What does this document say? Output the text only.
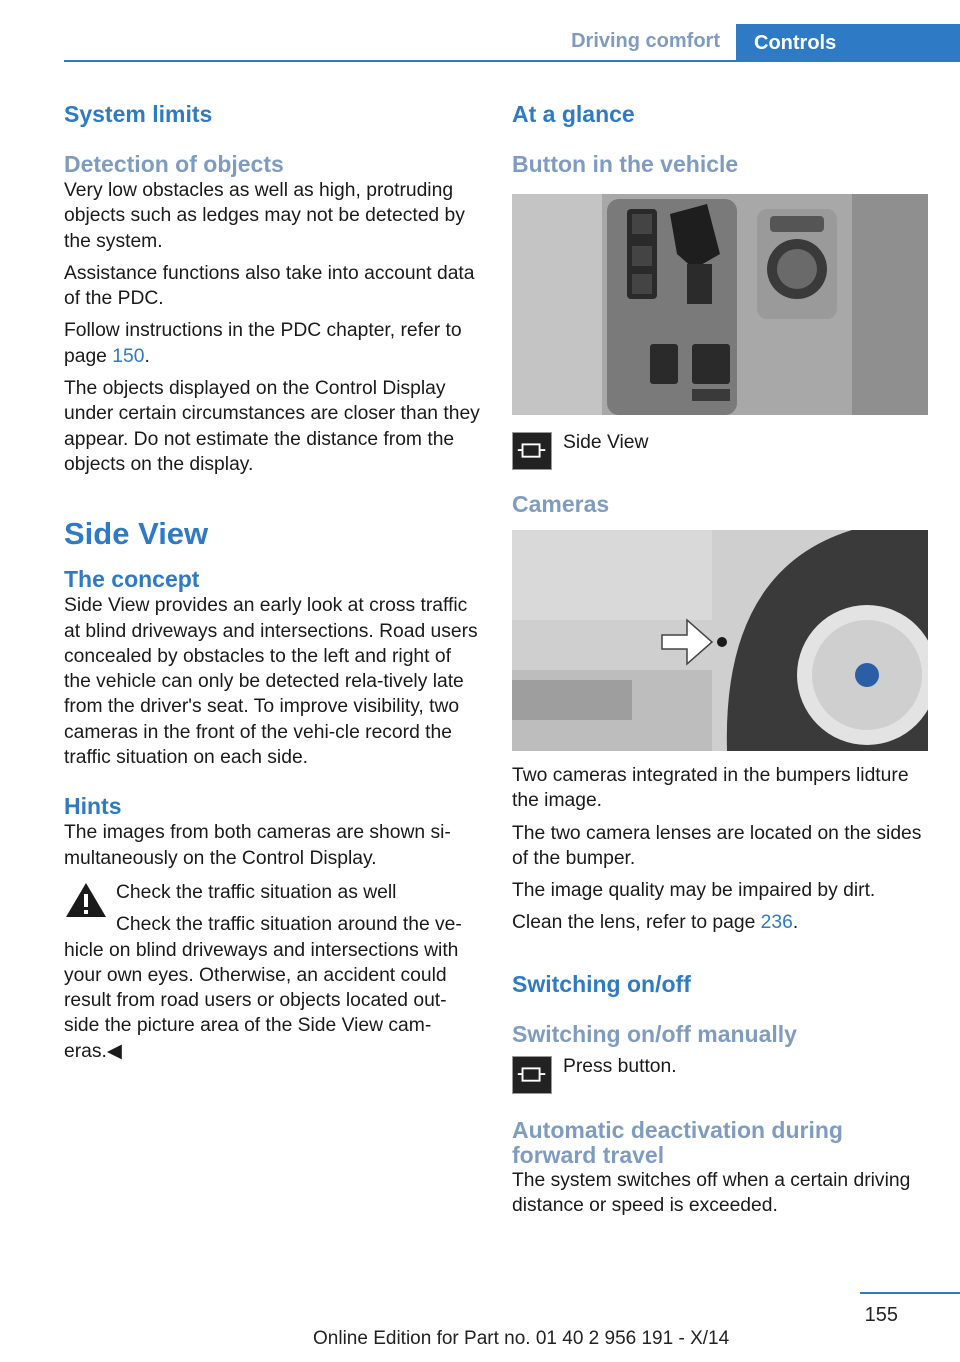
Driving comfort	Controls
System limits
Detection of objects

Very low obstacles as well as high, protruding objects such as ledges may not be detected by the system.

Assistance functions also take into account data of the PDC.

Follow instructions in the PDC chapter, refer to page 150.

The objects displayed on the Control Display under certain circumstances are closer than they appear. Do not estimate the distance from the objects on the display.

Side View
The concept

Side View provides an early look at cross traffic at blind driveways and intersections. Road users concealed by obstacles to the left and right of the vehicle can only be detected rela‐tively late from the driver's seat. To improve visibility, two cameras in the front of the vehi‐cle record the traffic situation on each side.

Hints

The images from both cameras are shown si‐multaneously on the Control Display.

Check the traffic situation as well

Check the traffic situation around the ve‐

hicle on blind driveways and intersections with your own eyes. Otherwise, an accident could result from road users or objects located out‐side the picture area of the Side View cam‐eras.◀

At a glance
Button in the vehicle
Side View
Cameras

Two cameras integrated in the bumpers lidture the image.

The two camera lenses are located on the sides of the bumper.

The image quality may be impaired by dirt.

Clean the lens, refer to page 236.

Switching on/off
Switching on/off manually
Press button.
Automatic deactivation during forward travel

The system switches off when a certain driving distance or speed is exceeded.

155
Online Edition for Part no. 01 40 2 956 191 - X/14
